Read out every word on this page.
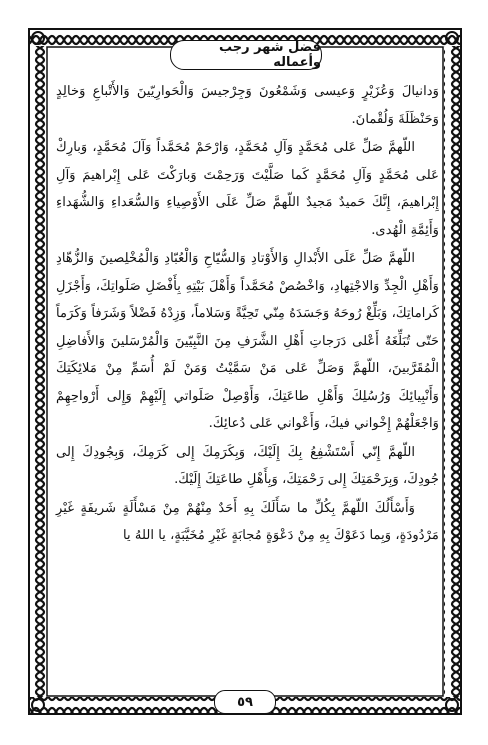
فضل شهر رجب وأعماله

وَدانيالَ وَعُزَيْرٍ وَعيسى وَشَمْعُونَ وَجِرْجيسَ وَالْحَوارِيّينَ وَالأَتْباعِ وَخالِدٍ وَحَنْظَلَةَ وَلُقْمانَ.

اللّهمَّ صَلِّ عَلى مُحَمَّدٍ وَآلِ مُحَمَّدٍ، وَارْحَمْ مُحَمَّداً وَآلَ مُحَمَّدٍ، وَبارِكْ عَلى مُحَمَّدٍ وَآلِ مُحَمَّدٍ كَما صَلَّيْتَ وَرَحِمْتَ وَبارَكْتَ عَلى إِبْراهيمَ وَآلِ إِبْراهيمَ، إِنَّكَ حَميدٌ مَجيدٌ اللّهمَّ صَلِّ عَلَى الأَوْصِياءِ وَالسُّعَداءِ وَالشُّهَداءِ وَأَئِمَّةِ الْهُدى.

اللّهمَّ صَلِّ عَلَى الأَبْدالِ وَالأَوْتادِ وَالسُّيّاحِ وَالْعُبّادِ وَالْمُخْلِصينَ وَالزُّهّادِ وَأَهْلِ الْجِدِّ وَالاجْتِهادِ، وَاخْصُصْ مُحَمَّداً وَأَهْلَ بَيْتِهِ بِأَفْضَلِ صَلَواتِكَ، وَأَجْزَلِ كَراماتِكَ، وَبَلِّغْ رُوحَهُ وَجَسَدَهُ مِنّي تَحِيَّةً وَسَلاماً، وَزِدْهُ فَضْلاً وَشَرَفاً وَكَرَماً حَتّى تُبَلِّغَهُ أَعْلى دَرَجاتِ أَهْلِ الشَّرَفِ مِنَ النَّبِيّينَ وَالْمُرْسَلينَ وَالأَفاضِلِ الْمُقَرَّبينَ، اللّهمَّ وَصَلِّ عَلى مَنْ سَمَّيْتُ وَمَنْ لَمْ أُسَمِّ مِنْ مَلائِكَتِكَ وَأَنْبِيائِكَ وَرُسُلِكَ وَأَهْلِ طاعَتِكَ، وَأَوْصِلْ صَلَواتي إِلَيْهِمْ وَإِلى أَرْواحِهِمْ وَاجْعَلْهُمْ إِخْواني فيكَ، وَأَعْواني عَلى دُعائِكَ.

اللّهمَّ إِنّي أَسْتَشْفِعُ بِكَ إِلَيْكَ، وَبِكَرَمِكَ إِلى كَرَمِكَ، وَبِجُودِكَ إِلى جُودِكَ، وَبِرَحْمَتِكَ إِلى رَحْمَتِكَ، وَبِأَهْلِ طاعَتِكَ إِلَيْكَ.

وَأَسْأَلُكَ اللّهمَّ بِكُلِّ ما سَأَلَكَ بِهِ أَحَدٌ مِنْهُمْ مِنْ مَسْأَلَةٍ شَريفَةٍ غَيْرِ مَرْدُودَةٍ، وَبِما دَعَوْكَ بِهِ مِنْ دَعْوَةٍ مُجابَةٍ غَيْرِ مُخَيَّبَةٍ، يا اللهُ يا

٥٩
